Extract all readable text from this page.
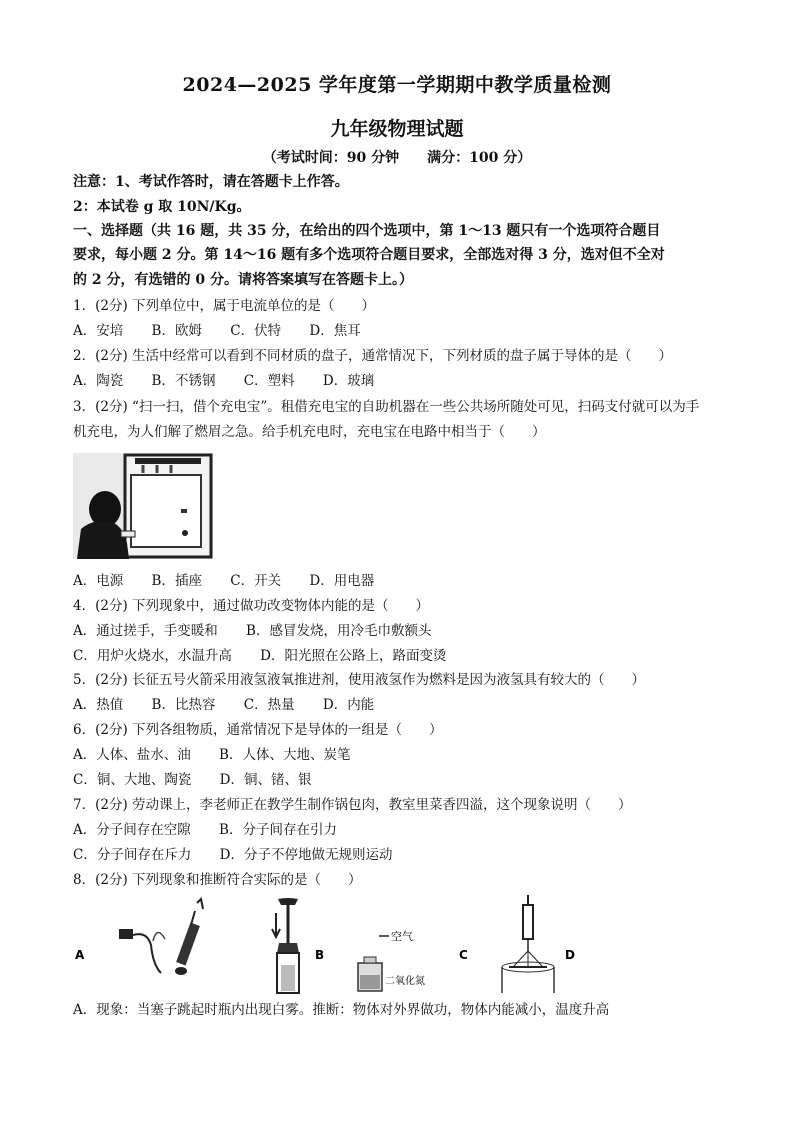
2024—2025 学年度第一学期期中教学质量检测
九年级物理试题
（考试时间：90 分钟　　满分：100 分）
注意：1、考试作答时，请在答题卡上作答。
2：本试卷 g 取 10N/Kg。
一、选择题（共 16 题，共 35 分，在给出的四个选项中，第 1～13 题只有一个选项符合题目
要求，每小题 2 分。第 14～16 题有多个选项符合题目要求，全部选对得 3 分，选对但不全对
的 2 分，有选错的 0 分。请将答案填写在答题卡上。）
1．(2分) 下列单位中，属于电流单位的是（　　）
A．安培 B．欧姆 C．伏特 D．焦耳
2．(2分) 生活中经常可以看到不同材质的盘子，通常情况下，下列材质的盘子属于导体的是（　　）
A．陶瓷 B．不锈钢 C．塑料 D．玻璃
3．(2分) “扫一扫，借个充电宝”。租借充电宝的自助机器在一些公共场所随处可见，扫码支付就可以为手
机充电，为人们解了燃眉之急。给手机充电时，充电宝在电路中相当于（　　）
A．电源 B．插座 C．开关 D．用电器
4．(2分) 下列现象中，通过做功改变物体内能的是（　　）
A．通过搓手，手变暖和 B．感冒发烧，用冷毛巾敷额头
C．用炉火烧水，水温升高 D．阳光照在公路上，路面变烫
5．(2分) 长征五号火箭采用液氢液氧推进剂，使用液氢作为燃料是因为液氢具有较大的（　　）
A．热值 B．比热容 C．热量 D．内能
6．(2分) 下列各组物质，通常情况下是导体的一组是（　　）
A．人体、盐水、油 B．人体、大地、炭笔
C．铜、大地、陶瓷 D．铜、锗、银
7．(2分) 劳动课上，李老师正在教学生制作锅包肉，教室里菜香四溢，这个现象说明（　　）
A．分子间存在空隙 B．分子间存在引力
C．分子间存在斥力 D．分子不停地做无规则运动
8．(2分) 下列现象和推断符合实际的是（　　）
A	B
空气
二氧化氮
C	D
A．现象：当塞子跳起时瓶内出现白雾。推断：物体对外界做功，物体内能减小，温度升高
